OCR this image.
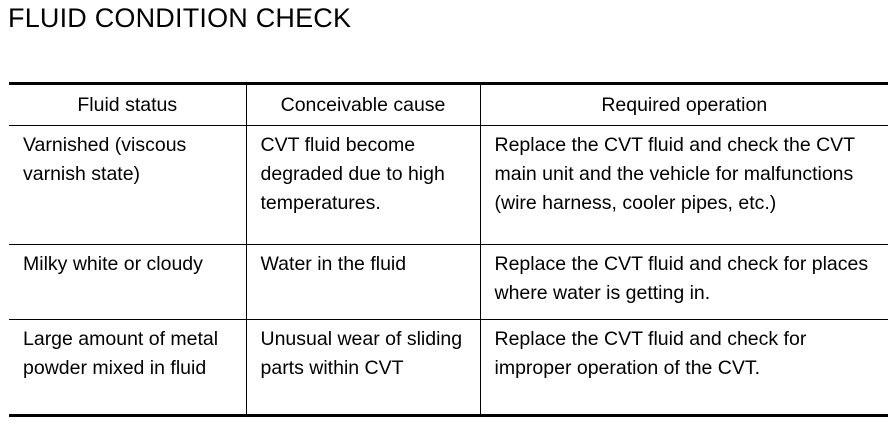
FLUID CONDITION CHECK
Fluid status	Conceivable cause	Required operation
Varnished (viscous varnish state)	CVT fluid become degraded due to high temperatures.	Replace the CVT fluid and check the CVT main unit and the vehicle for malfunctions (wire harness, cooler pipes, etc.)
Milky white or cloudy	Water in the fluid	Replace the CVT fluid and check for places where water is getting in.
Large amount of metal powder mixed in fluid	Unusual wear of sliding parts within CVT	Replace the CVT fluid and check for improper operation of the CVT.
